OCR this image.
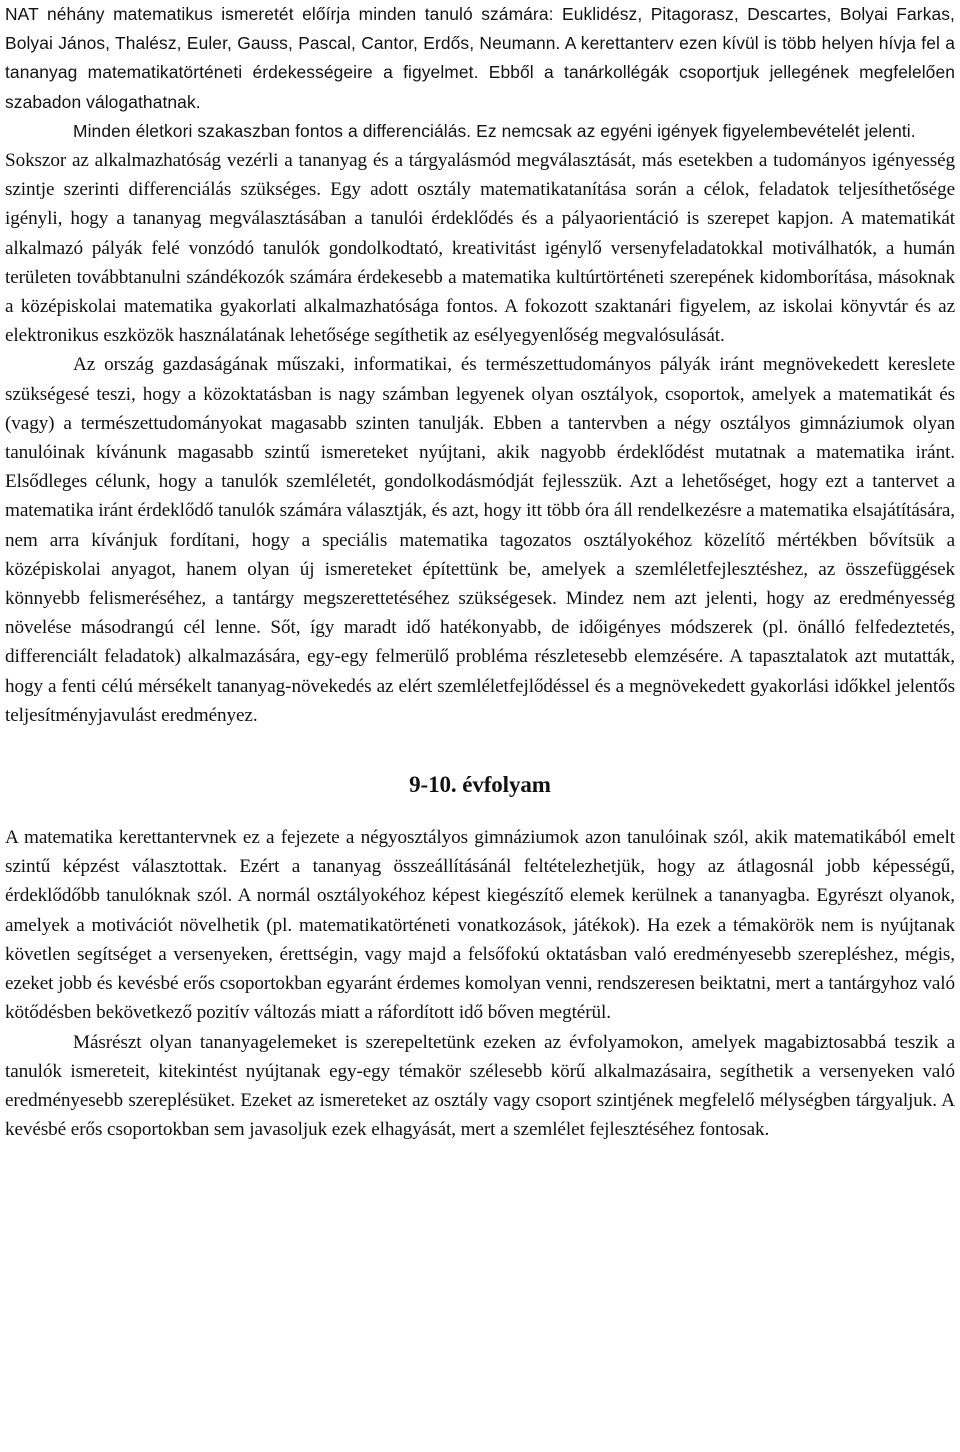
NAT néhány matematikus ismeretét előírja minden tanuló számára: Euklidész, Pitagorasz, Descartes, Bolyai Farkas, Bolyai János, Thalész, Euler, Gauss, Pascal, Cantor, Erdős, Neumann. A kerettanterv ezen kívül is több helyen hívja fel a tananyag matematikatörténeti érdekességeire a figyelmet. Ebből a tanárkollégák csoportjuk jellegének megfelelően szabadon válogathatnak.

Minden életkori szakaszban fontos a differenciálás. Ez nemcsak az egyéni igények figyelembevételét jelenti.

Sokszor az alkalmazhatóság vezérli a tananyag és a tárgyalásmód megválasztását, más esetekben a tudományos igényesség szintje szerinti differenciálás szükséges. Egy adott osztály matematikatanítása során a célok, feladatok teljesíthetősége igényli, hogy a tananyag megválasztásában a tanulói érdeklődés és a pályaorientáció is szerepet kapjon. A matematikát alkalmazó pályák felé vonzódó tanulók gondolkodtató, kreativitást igénylő versenyfeladatokkal motiválhatók, a humán területen továbbtanulni szándékozók számára érdekesebb a matematika kultúrtörténeti szerepének kidomborítása, másoknak a középiskolai matematika gyakorlati alkalmazhatósága fontos. A fokozott szaktanári figyelem, az iskolai könyvtár és az elektronikus eszközök használatának lehetősége segíthetik az esélyegyenlőség megvalósulását.

Az ország gazdaságának műszaki, informatikai, és természettudományos pályák iránt megnövekedett kereslete szükségesé teszi, hogy a közoktatásban is nagy számban legyenek olyan osztályok, csoportok, amelyek a matematikát és (vagy) a természettudományokat magasabb szinten tanulják. Ebben a tantervben a négy osztályos gimnáziumok olyan tanulóinak kívánunk magasabb szintű ismereteket nyújtani, akik nagyobb érdeklődést mutatnak a matematika iránt. Elsődleges célunk, hogy a tanulók szemléletét, gondolkodásmódját fejlesszük. Azt a lehetőséget, hogy ezt a tantervet a matematika iránt érdeklődő tanulók számára választják, és azt, hogy itt több óra áll rendelkezésre a matematika elsajátítására, nem arra kívánjuk fordítani, hogy a speciális matematika tagozatos osztályokéhoz közelítő mértékben bővítsük a középiskolai anyagot, hanem olyan új ismereteket építettünk be, amelyek a szemléletfejlesztéshez, az összefüggések könnyebb felismeréséhez, a tantárgy megszerettetéséhez szükségesek. Mindez nem azt jelenti, hogy az eredményesség növelése másodrangú cél lenne. Sőt, így maradt idő hatékonyabb, de időigényes módszerek (pl. önálló felfedeztetés, differenciált feladatok) alkalmazására, egy-egy felmerülő probléma részletesebb elemzésére. A tapasztalatok azt mutatták, hogy a fenti célú mérsékelt tananyag-növekedés az elért szemléletfejlődéssel és a megnövekedett gyakorlási időkkel jelentős teljesítményjavulást eredményez.

9-10. évfolyam

A matematika kerettantervnek ez a fejezete a négyosztályos gimnáziumok azon tanulóinak szól, akik matematikából emelt szintű képzést választottak. Ezért a tananyag összeállításánál feltételezhetjük, hogy az átlagosnál jobb képességű, érdeklődőbb tanulóknak szól. A normál osztályokéhoz képest kiegészítő elemek kerülnek a tananyagba. Egyrészt olyanok, amelyek a motivációt növelhetik (pl. matematikatörténeti vonatkozások, játékok). Ha ezek a témakörök nem is nyújtanak követlen segítséget a versenyeken, érettségin, vagy majd a felsőfokú oktatásban való eredményesebb szerepléshez, mégis, ezeket jobb és kevésbé erős csoportokban egyaránt érdemes komolyan venni, rendszeresen beiktatni, mert a tantárgyhoz való kötődésben bekövetkező pozitív változás miatt a ráfordított idő bőven megtérül.

Másrészt olyan tananyagelemeket is szerepeltetünk ezeken az évfolyamokon, amelyek magabiztosabbá teszik a tanulók ismereteit, kitekintést nyújtanak egy-egy témakör szélesebb körű alkalmazásaira, segíthetik a versenyeken való eredményesebb szereplésüket. Ezeket az ismereteket az osztály vagy csoport szintjének megfelelő mélységben tárgyaljuk. A kevésbé erős csoportokban sem javasoljuk ezek elhagyását, mert a szemlélet fejlesztéséhez fontosak.
